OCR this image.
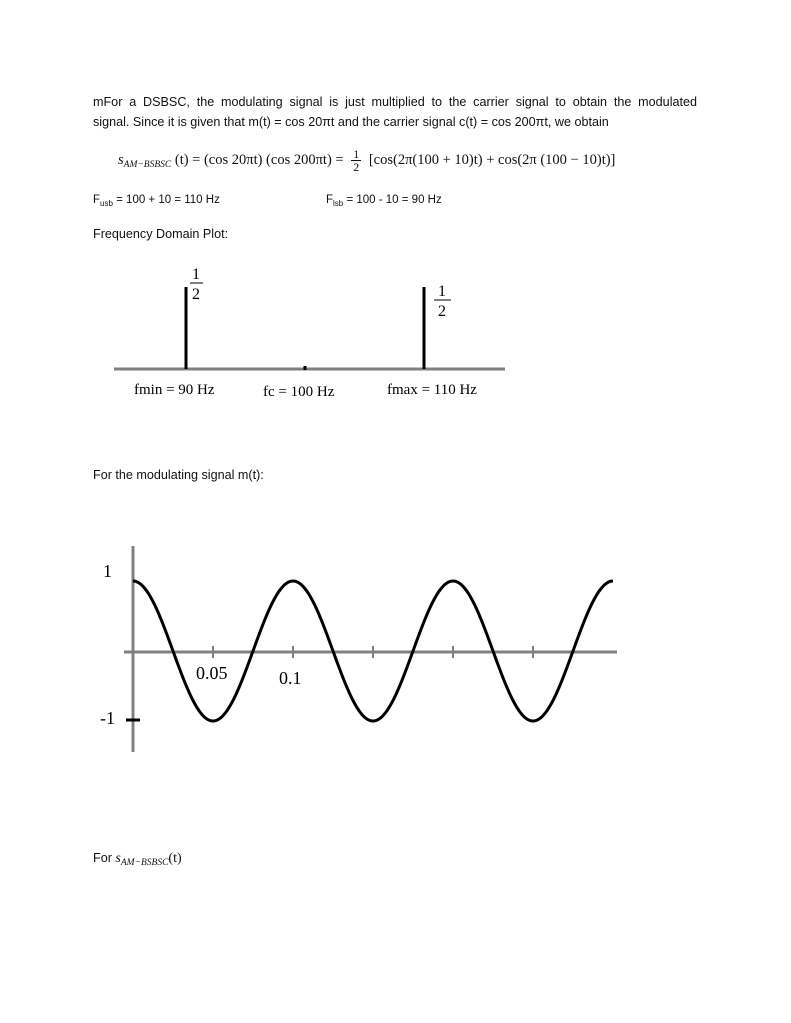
mFor a DSBSC, the modulating signal is just multiplied to the carrier signal to obtain the modulated
signal. Since it is given that m(t) = cos 20πt and the carrier signal c(t) = cos 200πt, we obtain
$s_{AM-BSBSC}$ (t) = (cos 20πt) (cos $200\pi t) = \frac{1}{2} [\cos(2\pi(100 + 10)t) + \cos(2\pi$ (100 − 10)t)]
$F_{usb} = 100 + 10 = 110$ Hz	$F_{lsb} = 100 - 10 = 90$ Hz
Frequency Domain Plot:
1
2	1
2
fmin = 90 Hz	fc = 100 Hz	fmax = 110 Hz
For the modulating signal m(t):
1
-1
0.05	0.1
For $s_{AM-BSBSC}(t)$
